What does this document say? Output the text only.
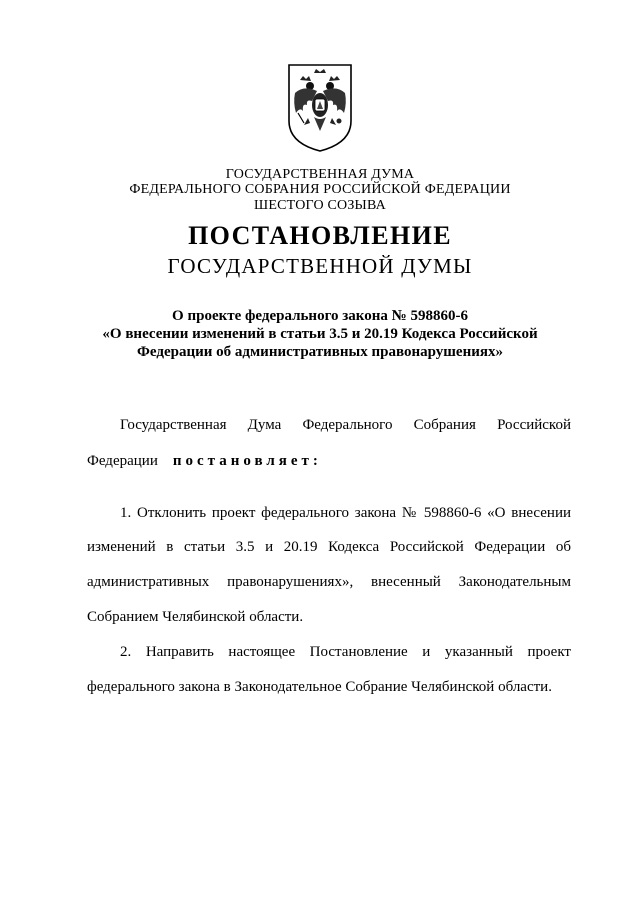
ГОСУДАРСТВЕННАЯ ДУМА
ФЕДЕРАЛЬНОГО СОБРАНИЯ РОССИЙСКОЙ ФЕДЕРАЦИИ
ШЕСТОГО СОЗЫВА
ПОСТАНОВЛЕНИЕ
ГОСУДАРСТВЕННОЙ ДУМЫ
О проекте федерального закона № 598860-6
«О внесении изменений в статьи 3.5 и 20.19 Кодекса Российской
Федерации об административных правонарушениях»
Государственная Дума Федерального Собрания Российской
Федерации постановляет:
1. Отклонить проект федерального закона № 598860-6 «О внесении
изменений в статьи 3.5 и 20.19 Кодекса Российской Федерации об
административных правонарушениях», внесенный Законодательным
Собранием Челябинской области.
2. Направить настоящее Постановление и указанный проект
федерального закона в Законодательное Собрание Челябинской области.
